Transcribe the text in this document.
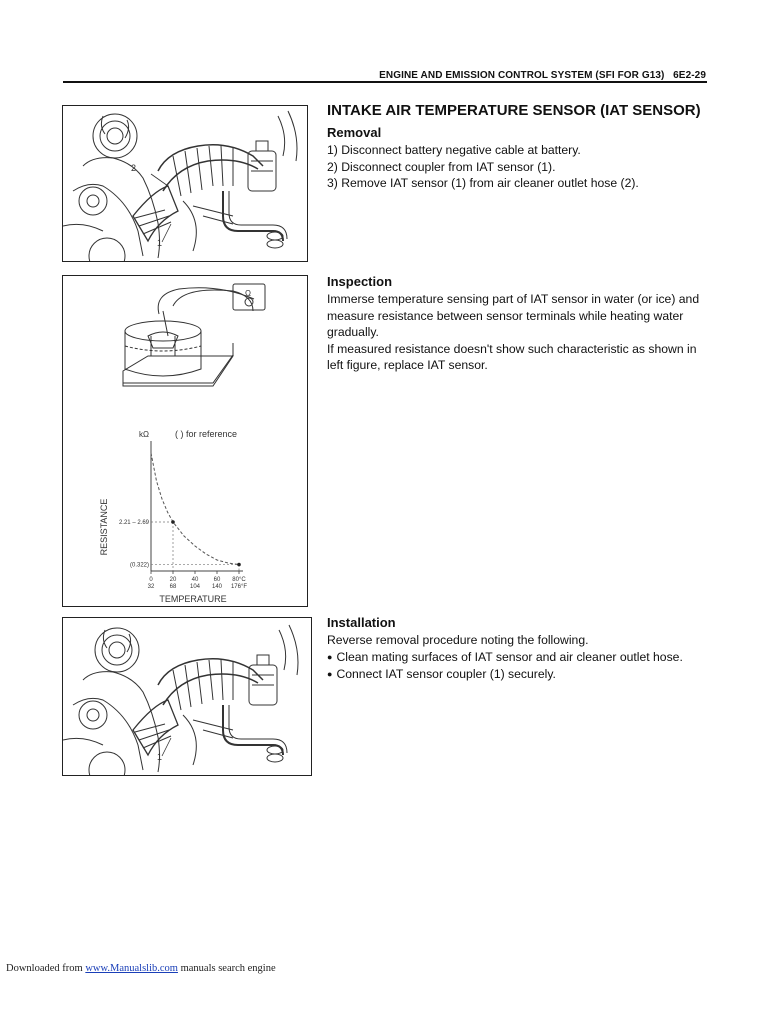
ENGINE AND EMISSION CONTROL SYSTEM (SFI FOR G13) 6E2-29
2
1
Ω
RESISTANCE
kΩ	( ) for reference
TEMPERATURE
2.21 – 2.69
(0.322)
0
32
20
68
40
104
60
140
80°C
176°F
1

INTAKE AIR TEMPERATURE SENSOR (IAT SENSOR)

Removal

1) Disconnect battery negative cable at battery.

2) Disconnect coupler from IAT sensor (1).

3) Remove IAT sensor (1) from air cleaner outlet hose (2).

Inspection

Immerse temperature sensing part of IAT sensor in water (or ice) and measure resistance between sensor terminals while heating water gradually.

If measured resistance doesn't show such characteristic as shown in left figure, replace IAT sensor.

Installation

Reverse removal procedure noting the following.

● Clean mating surfaces of IAT sensor and air cleaner outlet hose.

● Connect IAT sensor coupler (1) securely.

Downloaded from www.Manualslib.com manuals search engine
